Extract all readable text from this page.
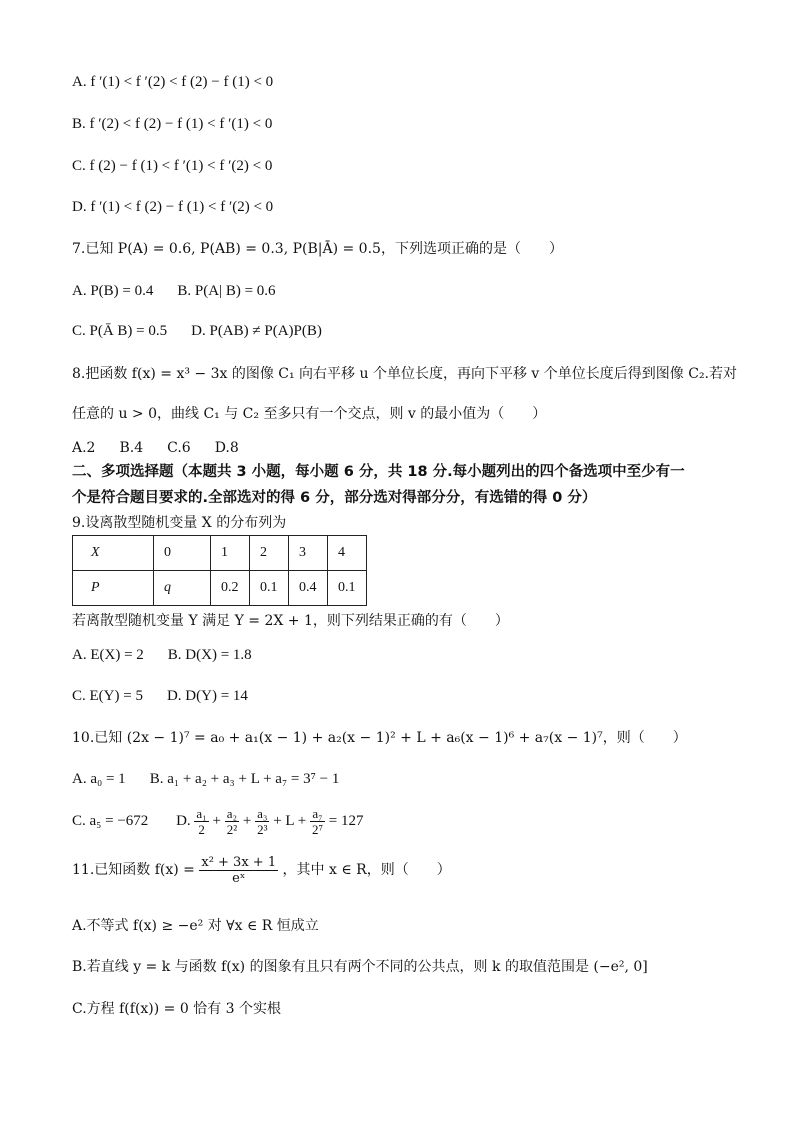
A. f ′(1) < f ′(2) < f (2) − f (1) < 0
B. f ′(2) < f (2) − f (1) < f ′(1) < 0
C. f (2) − f (1) < f ′(1) < f ′(2) < 0
D. f ′(1) < f (2) − f (1) < f ′(2) < 0
7.已知 P(A) = 0.6, P(AB) = 0.3, P(B|Ā) = 0.5，下列选项正确的是（　　）
A. P(B) = 0.4 B. P(A| B) = 0.6
C. P(Ā B) = 0.5 D. P(AB) ≠ P(A)P(B)
8.把函数 f(x) = x³ − 3x 的图像 C₁ 向右平移 u 个单位长度，再向下平移 v 个单位长度后得到图像 C₂.若对
任意的 u > 0，曲线 C₁ 与 C₂ 至多只有一个交点，则 v 的最小值为（　　）
A.2 B.4 C.6 D.8
二、多项选择题（本题共 3 小题，每小题 6 分，共 18 分.每小题列出的四个备选项中至少有一
个是符合题目要求的.全部选对的得 6 分，部分选对得部分分，有选错的得 0 分）
9.设离散型随机变量 X 的分布列为
X	0	1	2	3	4
P	q	0.2	0.1	0.4	0.1
若离散型随机变量 Y 满足 Y = 2X + 1，则下列结果正确的有（　　）
A. E(X) = 2 B. D(X) = 1.8
C. E(Y) = 5 D. D(Y) = 14
10.已知 (2x − 1)⁷ = a₀ + a₁(x − 1) + a₂(x − 1)² + L + a₆(x − 1)⁶ + a₇(x − 1)⁷，则（　　）
A. a₀ = 1 B. a₁ + a₂ + a₃ + L + a₇ = 3⁷ − 1
C. a₅ = −672 D. $\frac{\text{a₁}}{2} + \frac{\text{a₂}}{\text{2²}} + \frac{\text{a₃}}{\text{2³}} + L + \frac{\text{a₇}}{\text{2⁷}} = 127$
11.已知函数 $f(x) = \frac{\text{x² + 3x + 1}}{\text{eˣ}}$ ，其中 x ∈ R，则（　　）
A.不等式 f(x) ≥ −e² 对 ∀x ∈ R 恒成立
B.若直线 y = k 与函数 f(x) 的图象有且只有两个不同的公共点，则 k 的取值范围是 (−e², 0]
C.方程 f(f(x)) = 0 恰有 3 个实根
